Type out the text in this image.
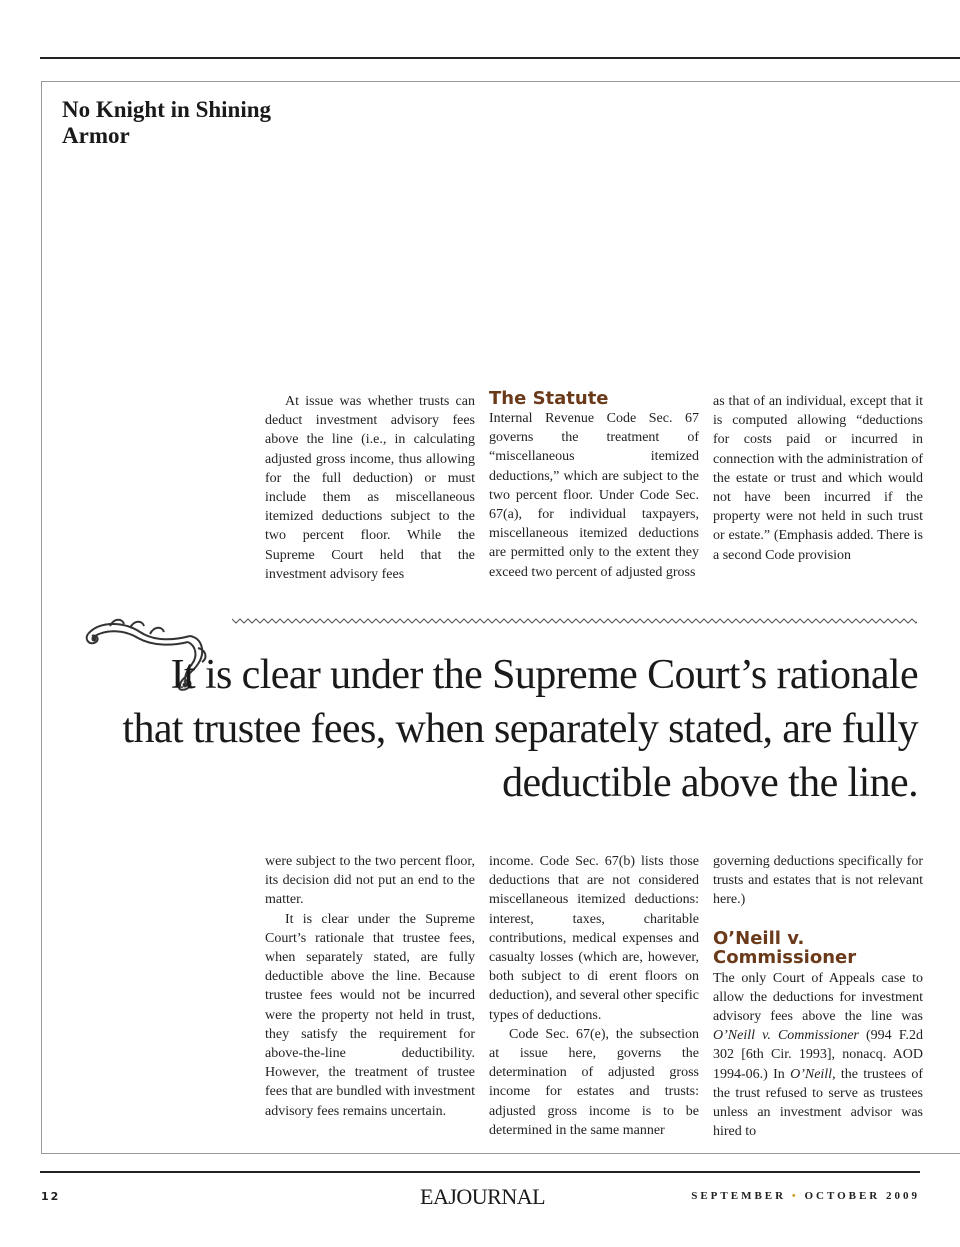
No Knight in Shining Armor

At issue was whether trusts can deduct investment advisory fees above the line (i.e., in calculating adjusted gross income, thus allowing for the full deduction) or must include them as miscellaneous itemized deductions subject to the two percent floor. While the Supreme Court held that the investment advisory fees

The Statute

Internal Revenue Code Sec. 67 governs the treatment of “miscellaneous itemized deductions,” which are subject to the two percent floor. Under Code Sec. 67(a), for individual taxpayers, miscellaneous itemized deductions are permitted only to the extent they exceed two percent of adjusted gross

as that of an individual, except that it is computed allowing “deductions for costs paid or incurred in connection with the administration of the estate or trust and which would not have been incurred if the property were not held in such trust or estate.” (Emphasis added. There is a second Code provision

It is clear under the Supreme Court’s rationale that trustee fees, when separately stated, are fully deductible above the line.

were subject to the two percent floor, its decision did not put an end to the matter.

It is clear under the Supreme Court’s rationale that trustee fees, when separately stated, are fully deductible above the line. Because trustee fees would not be incurred were the property not held in trust, they satisfy the requirement for above-the-line deductibility. However, the treatment of trustee fees that are bundled with investment advisory fees remains uncertain.

income. Code Sec. 67(b) lists those deductions that are not considered miscellaneous itemized deductions: interest, taxes, charitable contributions, medical expenses and casualty losses (which are, however, both subject to di erent floors on deduction), and several other specific types of deductions.

Code Sec. 67(e), the subsection at issue here, governs the determination of adjusted gross income for estates and trusts: adjusted gross income is to be determined in the same manner

governing deductions specifically for trusts and estates that is not relevant here.)

O’Neill v. Commissioner

The only Court of Appeals case to allow the deductions for investment advisory fees above the line was O’Neill v. Commissioner (994 F.2d 302 [6th Cir. 1993], nonacq. AOD 1994-06.) In O’Neill, the trustees of the trust refused to serve as trustees unless an investment advisor was hired to

12	EAJOURNAL	SEPTEMBER • OCTOBER 2009
